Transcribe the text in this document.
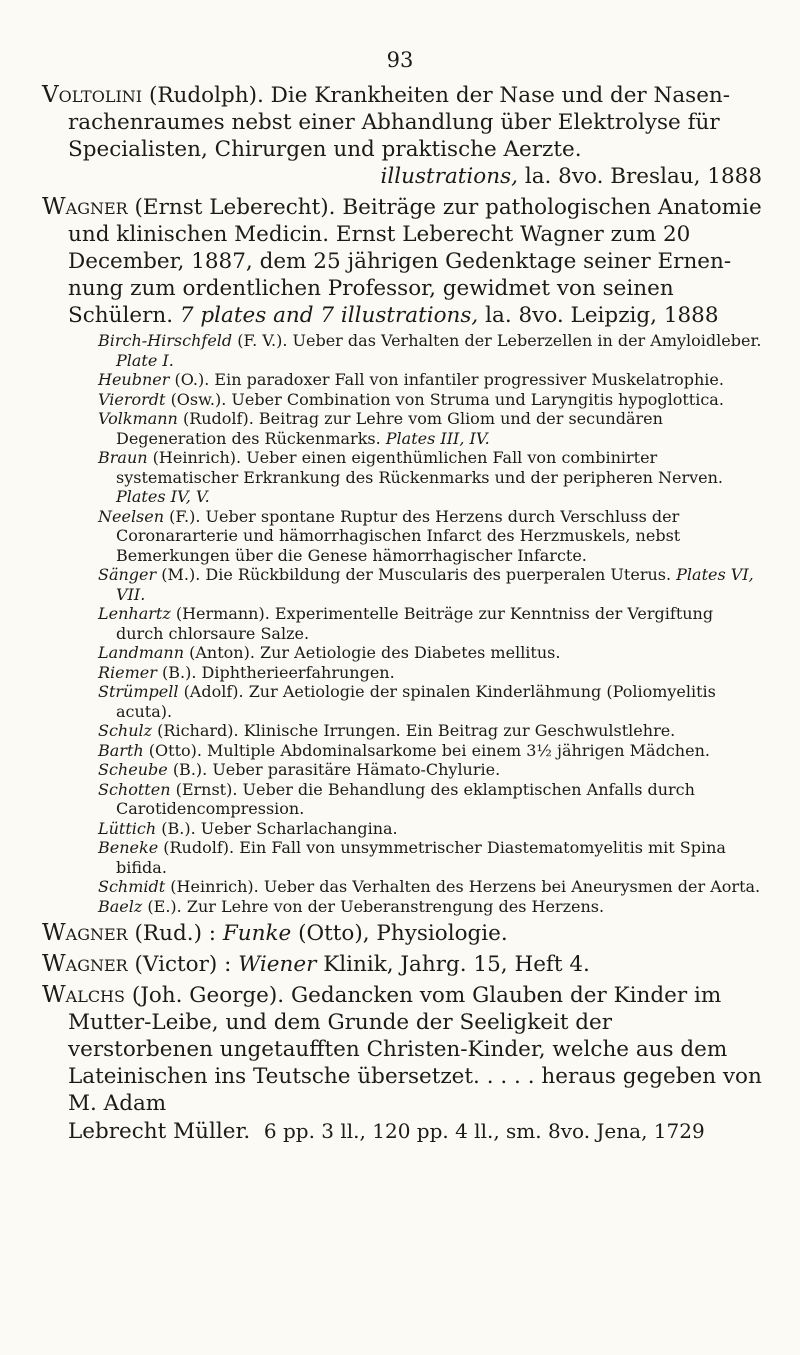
93

Voltolini (Rudolph). Die Krankheiten der Nase und der Nasenrachenraumes nebst einer Abhandlung über Elektrolyse für Specialisten, Chirurgen und praktische Aerzte.

illustrations, la. 8vo. Breslau, 1888

Wagner (Ernst Leberecht). Beiträge zur pathologischen Anatomie und klinischen Medicin. Ernst Leberecht Wagner zum 20 December, 1887, dem 25 jährigen Gedenktage seiner Ernennung zum ordentlichen Professor, gewidmet von seinen Schülern. 7 plates and 7 illustrations, la. 8vo. Leipzig, 1888

Birch-Hirschfeld (F. V.). Ueber das Verhalten der Leberzellen in der Amyloidleber. Plate I.

Heubner (O.). Ein paradoxer Fall von infantiler progressiver Muskelatrophie.

Vierordt (Osw.). Ueber Combination von Struma und Laryngitis hypoglottica.

Volkmann (Rudolf). Beitrag zur Lehre vom Gliom und der secundären Degeneration des Rückenmarks. Plates III, IV.

Braun (Heinrich). Ueber einen eigenthümlichen Fall von combinirter systematischer Erkrankung des Rückenmarks und der peripheren Nerven. Plates IV, V.

Neelsen (F.). Ueber spontane Ruptur des Herzens durch Verschluss der Coronararterie und hämorrhagischen Infarct des Herzmuskels, nebst Bemerkungen über die Genese hämorrhagischer Infarcte.

Sänger (M.). Die Rückbildung der Muscularis des puerperalen Uterus. Plates VI, VII.

Lenhartz (Hermann). Experimentelle Beiträge zur Kenntniss der Vergiftung durch chlorsaure Salze.

Landmann (Anton). Zur Aetiologie des Diabetes mellitus.

Riemer (B.). Diphtherieerfahrungen.

Strümpell (Adolf). Zur Aetiologie der spinalen Kinderlähmung (Poliomyelitis acuta).

Schulz (Richard). Klinische Irrungen. Ein Beitrag zur Geschwulstlehre.

Barth (Otto). Multiple Abdominalsarkome bei einem 3½ jährigen Mädchen.

Scheube (B.). Ueber parasitäre Hämato-Chylurie.

Schotten (Ernst). Ueber die Behandlung des eklamptischen Anfalls durch Carotidencompression.

Lüttich (B.). Ueber Scharlachangina.

Beneke (Rudolf). Ein Fall von unsymmetrischer Diastematomyelitis mit Spina bifida.

Schmidt (Heinrich). Ueber das Verhalten des Herzens bei Aneurysmen der Aorta.

Baelz (E.). Zur Lehre von der Ueberanstrengung des Herzens.

Wagner (Rud.) : Funke (Otto), Physiologie.

Wagner (Victor) : Wiener Klinik, Jahrg. 15, Heft 4.

Walchs (Joh. George). Gedancken vom Glauben der Kinder im Mutter-Leibe, und dem Grunde der Seeligkeit der verstorbenen ungetaufften Christen-Kinder, welche aus dem Lateinischen ins Teutsche übersetzet. . . . . heraus gegeben von M. Adam

Lebrecht Müller. 6 pp. 3 ll., 120 pp. 4 ll., sm. 8vo. Jena, 1729
